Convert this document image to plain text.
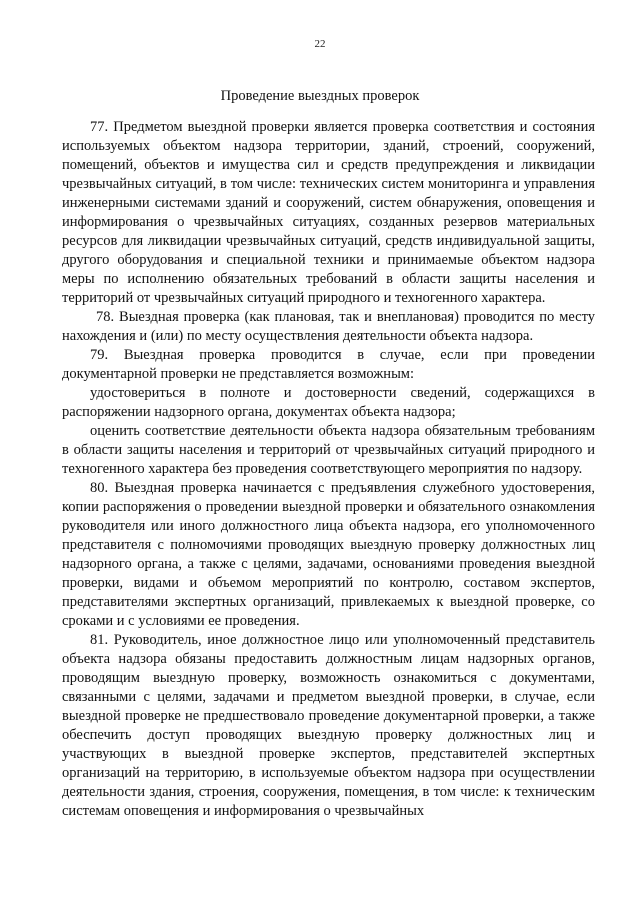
22
Проведение выездных проверок

77. Предметом выездной проверки является проверка соответствия и состояния используемых объектом надзора территории, зданий, строений, сооружений, помещений, объектов и имущества сил и средств предупреждения и ликвидации чрезвычайных ситуаций, в том числе: технических систем мониторинга и управления инженерными системами зданий и сооружений, систем обнаружения, оповещения и информирования о чрезвычайных ситуациях, созданных резервов материальных ресурсов для ликвидации чрезвычайных ситуаций, средств индивидуальной защиты, другого оборудования и специальной техники и принимаемые объектом надзора меры по исполнению обязательных требований в области защиты населения и территорий от чрезвычайных ситуаций природного и техногенного характера.

78. Выездная проверка (как плановая, так и внеплановая) проводится по месту нахождения и (или) по месту осуществления деятельности объекта надзора.

79. Выездная проверка проводится в случае, если при проведении документарной проверки не представляется возможным:

удостовериться в полноте и достоверности сведений, содержащихся в распоряжении надзорного органа, документах объекта надзора;

оценить соответствие деятельности объекта надзора обязательным требованиям в области защиты населения и территорий от чрезвычайных ситуаций природного и техногенного характера без проведения соответствующего мероприятия по надзору.

80. Выездная проверка начинается с предъявления служебного удостоверения, копии распоряжения о проведении выездной проверки и обязательного ознакомления руководителя или иного должностного лица объекта надзора, его уполномоченного представителя с полномочиями проводящих выездную проверку должностных лиц надзорного органа, а также с целями, задачами, основаниями проведения выездной проверки, видами и объемом мероприятий по контролю, составом экспертов, представителями экспертных организаций, привлекаемых к выездной проверке, со сроками и с условиями ее проведения.

81. Руководитель, иное должностное лицо или уполномоченный представитель объекта надзора обязаны предоставить должностным лицам надзорных органов, проводящим выездную проверку, возможность ознакомиться с документами, связанными с целями, задачами и предметом выездной проверки, в случае, если выездной проверке не предшествовало проведение документарной проверки, а также обеспечить доступ проводящих выездную проверку должностных лиц и участвующих в выездной проверке экспертов, представителей экспертных организаций на территорию, в используемые объектом надзора при осуществлении деятельности здания, строения, сооружения, помещения, в том числе: к техническим системам оповещения и информирования о чрезвычайных
